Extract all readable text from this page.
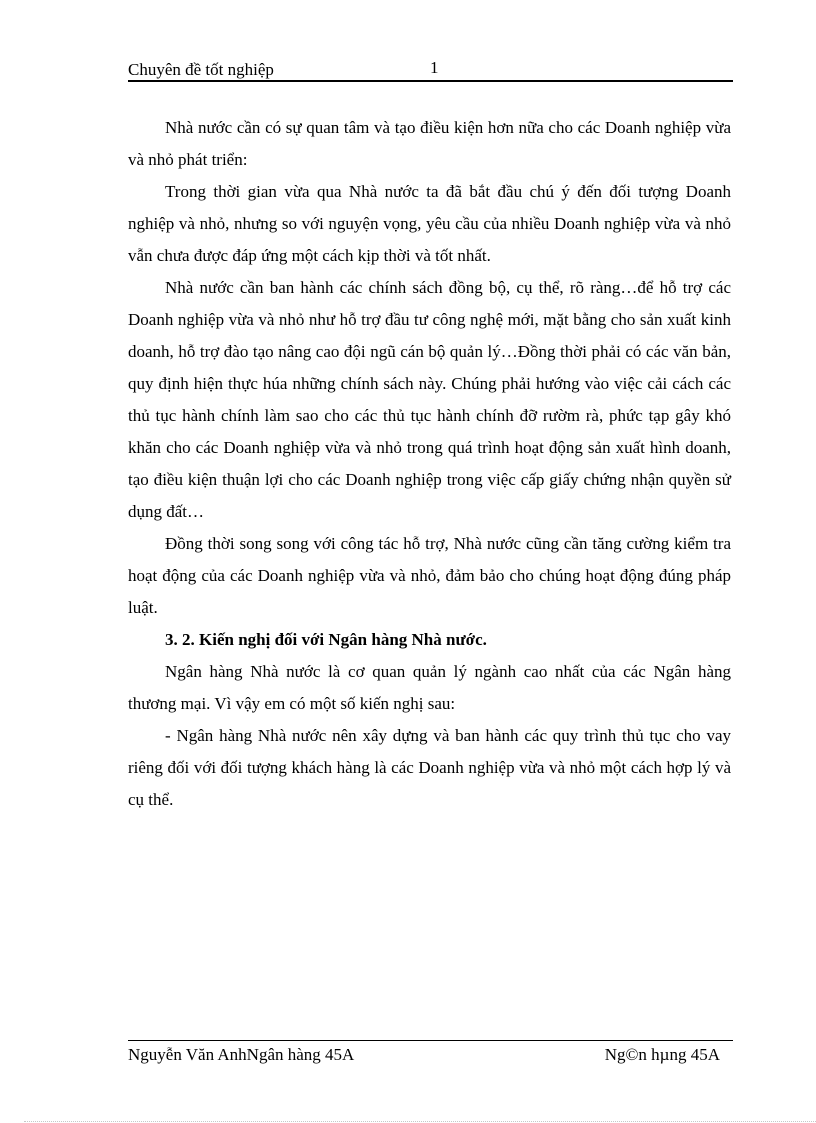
Chuyên đề tốt nghiệp	1

Nhà nước cần có sự quan tâm và tạo điều kiện hơn nữa cho các Doanh nghiệp vừa và nhỏ phát triển:

Trong thời gian vừa qua Nhà nước ta đã bắt đầu chú ý đến đối tượng Doanh nghiệp và nhỏ, nhưng so với nguyện vọng, yêu cầu của nhiều Doanh nghiệp vừa và nhỏ vẫn chưa được đáp ứng một cách kịp thời và tốt nhất.

Nhà nước cần ban hành các chính sách đồng bộ, cụ thể, rõ ràng…để hỗ trợ các Doanh nghiệp vừa và nhỏ như hỗ trợ đầu tư công nghệ mới, mặt bằng cho sản xuất kinh doanh, hỗ trợ đào tạo nâng cao đội ngũ cán bộ quản lý…Đồng thời phải có các văn bản, quy định hiện thực húa những chính sách này. Chúng phải hướng vào việc cải cách các thủ tục hành chính làm sao cho các thủ tục hành chính đỡ rườm rà, phức tạp gây khó khăn cho các Doanh nghiệp vừa và nhỏ trong quá trình hoạt động sản xuất hình doanh, tạo điều kiện thuận lợi cho các Doanh nghiệp trong việc cấp giấy chứng nhận quyền sử dụng đất…

Đồng thời song song với công tác hỗ trợ, Nhà nước cũng cần tăng cường kiểm tra hoạt động của các Doanh nghiệp vừa và nhỏ, đảm bảo cho chúng hoạt động đúng pháp luật.

3. 2. Kiến nghị đối với Ngân hàng Nhà nước.

Ngân hàng Nhà nước là cơ quan quản lý ngành cao nhất của các Ngân hàng thương mại. Vì vậy em có một số kiến nghị sau:

- Ngân hàng Nhà nước nên xây dựng và ban hành các quy trình thủ tục cho vay riêng đối với đối tượng khách hàng là các Doanh nghiệp vừa và nhỏ một cách hợp lý và cụ thể.

Nguyễn Văn AnhNgân hàng 45A	Ng©n hµng 45A
